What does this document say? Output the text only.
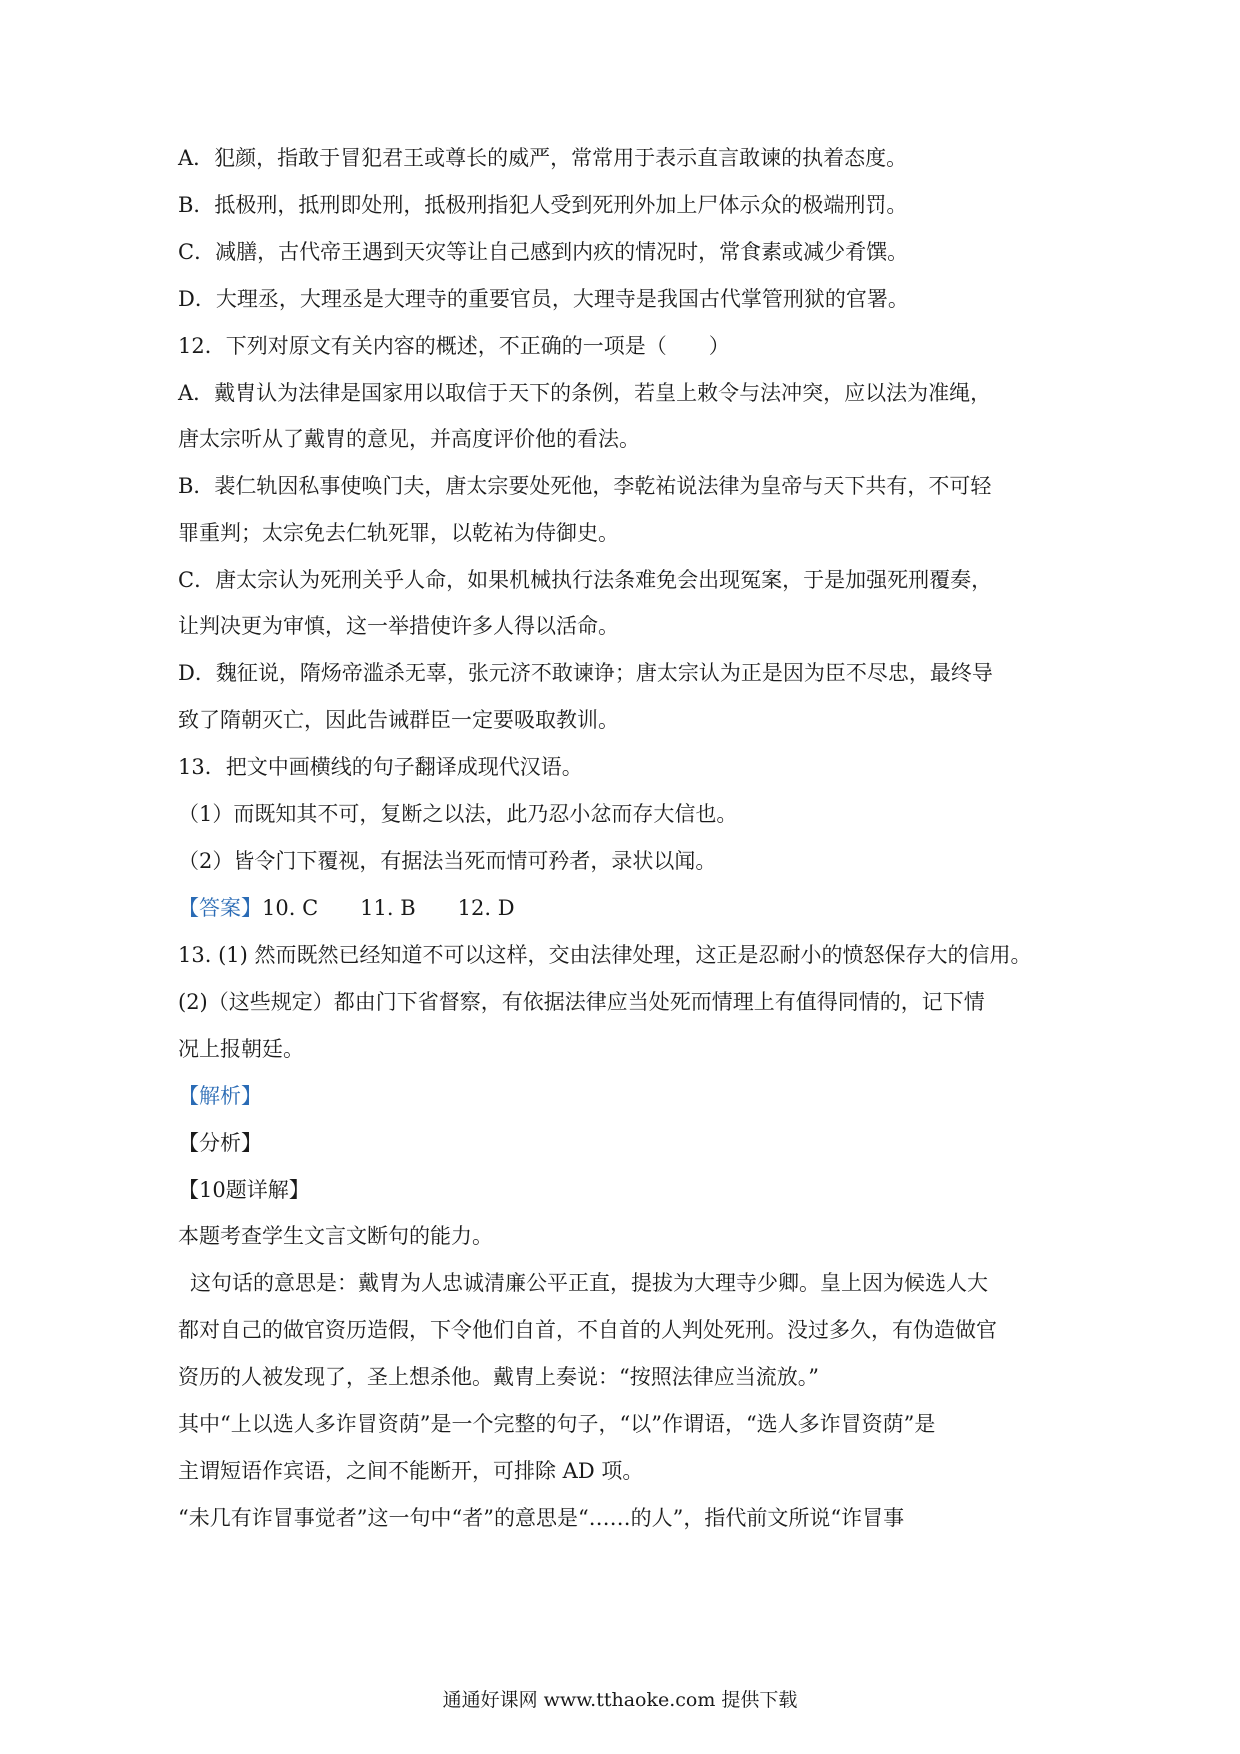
A．犯颜，指敢于冒犯君王或尊长的威严，常常用于表示直言敢谏的执着态度。
B．抵极刑，抵刑即处刑，抵极刑指犯人受到死刑外加上尸体示众的极端刑罚。
C．减膳，古代帝王遇到天灾等让自己感到内疚的情况时，常食素或减少肴馔。
D．大理丞，大理丞是大理寺的重要官员，大理寺是我国古代掌管刑狱的官署。
12．下列对原文有关内容的概述，不正确的一项是（　　）
A．戴胄认为法律是国家用以取信于天下的条例，若皇上敕令与法冲突，应以法为准绳，
唐太宗听从了戴胄的意见，并高度评价他的看法。
B．裴仁轨因私事使唤门夫，唐太宗要处死他，李乾祐说法律为皇帝与天下共有，不可轻
罪重判；太宗免去仁轨死罪，以乾祐为侍御史。
C．唐太宗认为死刑关乎人命，如果机械执行法条难免会出现冤案，于是加强死刑覆奏，
让判决更为审慎，这一举措使许多人得以活命。
D．魏征说，隋炀帝滥杀无辜，张元济不敢谏诤；唐太宗认为正是因为臣不尽忠，最终导
致了隋朝灭亡，因此告诫群臣一定要吸取教训。
13．把文中画横线的句子翻译成现代汉语。
（1）而既知其不可，复断之以法，此乃忍小忿而存大信也。
（2）皆令门下覆视，有据法当死而情可矜者，录状以闻。
【答案】10. C　　11. B　　12. D
13. (1) 然而既然已经知道不可以这样，交由法律处理，这正是忍耐小的愤怒保存大的信用。
(2)（这些规定）都由门下省督察，有依据法律应当处死而情理上有值得同情的，记下情
况上报朝廷。
【解析】
【分析】
【10题详解】
本题考查学生文言文断句的能力。
这句话的意思是：戴胄为人忠诚清廉公平正直，提拔为大理寺少卿。皇上因为候选人大
都对自己的做官资历造假，下令他们自首，不自首的人判处死刑。没过多久，有伪造做官
资历的人被发现了，圣上想杀他。戴胄上奏说：“按照法律应当流放。”
其中“上以选人多诈冒资荫”是一个完整的句子，“以”作谓语，“选人多诈冒资荫”是
主谓短语作宾语，之间不能断开，可排除 AD 项。
“未几有诈冒事觉者”这一句中“者”的意思是“……的人”，指代前文所说“诈冒事
通通好课网 www.tthaoke.com 提供下载
